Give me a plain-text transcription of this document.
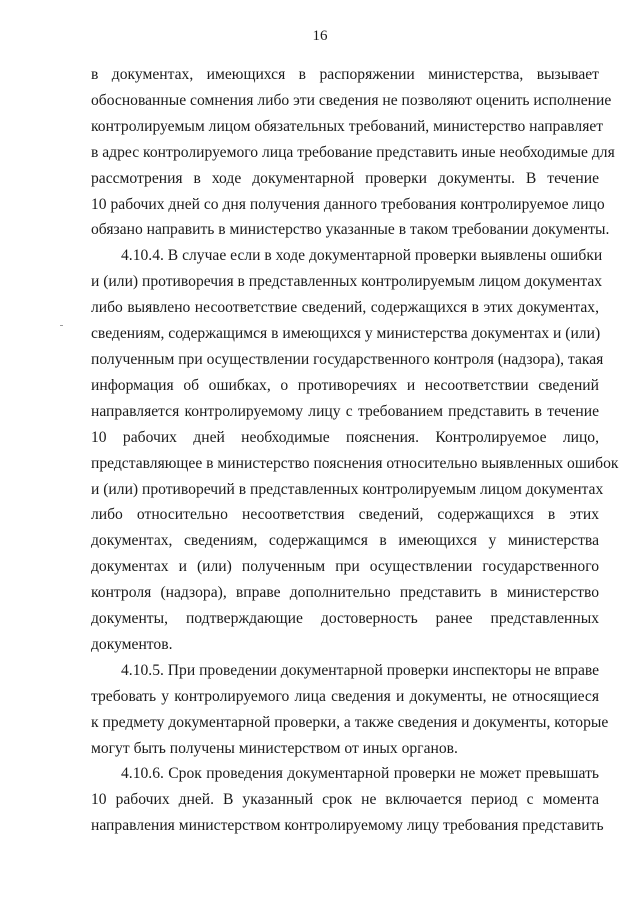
16
в документах, имеющихся в распоряжении министерства, вызывает
обоснованные сомнения либо эти сведения не позволяют оценить исполнение
контролируемым лицом обязательных требований, министерство направляет
в адрес контролируемого лица требование представить иные необходимые для
рассмотрения в ходе документарной проверки документы. В течение
10 рабочих дней со дня получения данного требования контролируемое лицо
обязано направить в министерство указанные в таком требовании документы.
4.10.4. В случае если в ходе документарной проверки выявлены ошибки
и (или) противоречия в представленных контролируемым лицом документах
либо выявлено несоответствие сведений, содержащихся в этих документах,
сведениям, содержащимся в имеющихся у министерства документах и (или)
полученным при осуществлении государственного контроля (надзора), такая
информация об ошибках, о противоречиях и несоответствии сведений
направляется контролируемому лицу с требованием представить в течение
10 рабочих дней необходимые пояснения. Контролируемое лицо,
представляющее в министерство пояснения относительно выявленных ошибок
и (или) противоречий в представленных контролируемым лицом документах
либо относительно несоответствия сведений, содержащихся в этих
документах, сведениям, содержащимся в имеющихся у министерства
документах и (или) полученным при осуществлении государственного
контроля (надзора), вправе дополнительно представить в министерство
документы, подтверждающие достоверность ранее представленных
документов.
4.10.5. При проведении документарной проверки инспекторы не вправе
требовать у контролируемого лица сведения и документы, не относящиеся
к предмету документарной проверки, а также сведения и документы, которые
могут быть получены министерством от иных органов.
4.10.6. Срок проведения документарной проверки не может превышать
10 рабочих дней. В указанный срок не включается период с момента
направления министерством контролируемому лицу требования представить
